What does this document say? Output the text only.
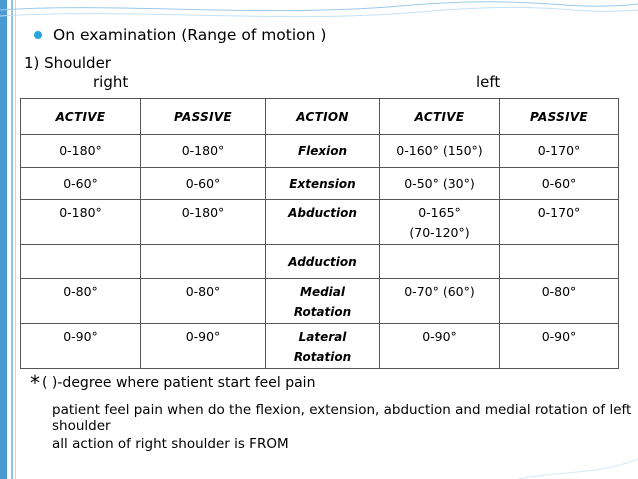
On examination (Range of motion )
1) Shoulder
right	left
ACTIVE	PASSIVE	ACTION	ACTIVE	PASSIVE
0-180°	0-180°	Flexion	0-160° (150°)	0-170°
0-60°	0-60°	Extension	0-50° (30°)	0-60°
0-180°	0-180°	Abduction	0-165° (70-120°)	0-170°
		Adduction		
0-80°	0-80°	Medial Rotation	0-70° (60°)	0-80°
0-90°	0-90°	Lateral Rotation	0-90°	0-90°
* ( )-degree where patient start feel pain
patient feel pain when do the flexion, extension, abduction and medial rotation of left shoulder
all action of right shoulder is FROM
